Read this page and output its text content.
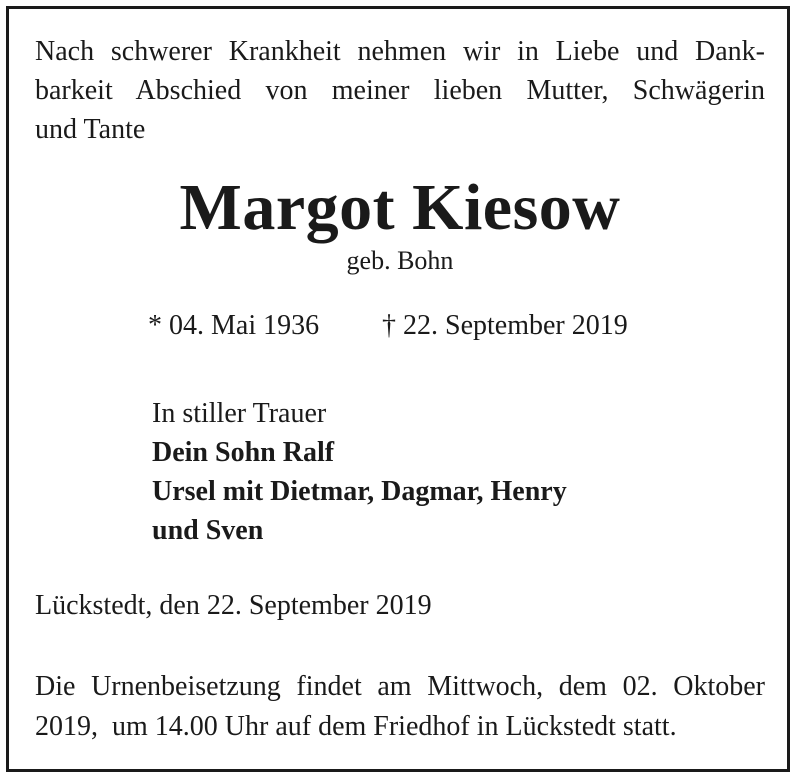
Nach schwerer Krankheit nehmen wir in Liebe und Dank-
barkeit Abschied von meiner lieben Mutter, Schwägerin
und Tante
Margot Kiesow
geb. Bohn
* 04. Mai 1936 † 22. September 2019
In stiller Trauer
Dein Sohn Ralf
Ursel mit Dietmar, Dagmar, Henry
und Sven
Lückstedt, den 22. September 2019
Die Urnenbeisetzung findet am Mittwoch, dem 02. Oktober
2019,  um 14.00 Uhr auf dem Friedhof in Lückstedt statt.
